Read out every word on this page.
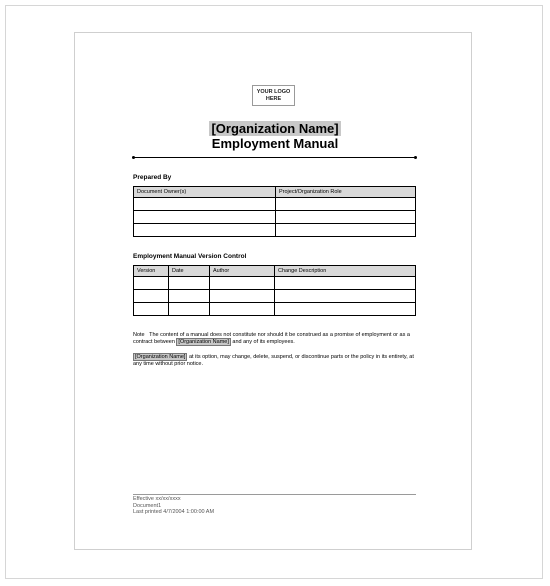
YOUR LOGO HERE
[Organization Name]
Employment Manual
Prepared By
Document Owner(s)	Project/Organization Role

Employment Manual Version Control
Version	Date	Author	Change Description

Note The content of a manual does not constitute nor should it be construed as a promise of employment or as a contract between [Organization Name] and any of its employees.
[Organization Name] at its option, may change, delete, suspend, or discontinue parts or the policy in its entirety, at any time without prior notice.
Effective xx/xx/xxxx
Document1
Last printed 4/7/2004 1:00:00 AM
